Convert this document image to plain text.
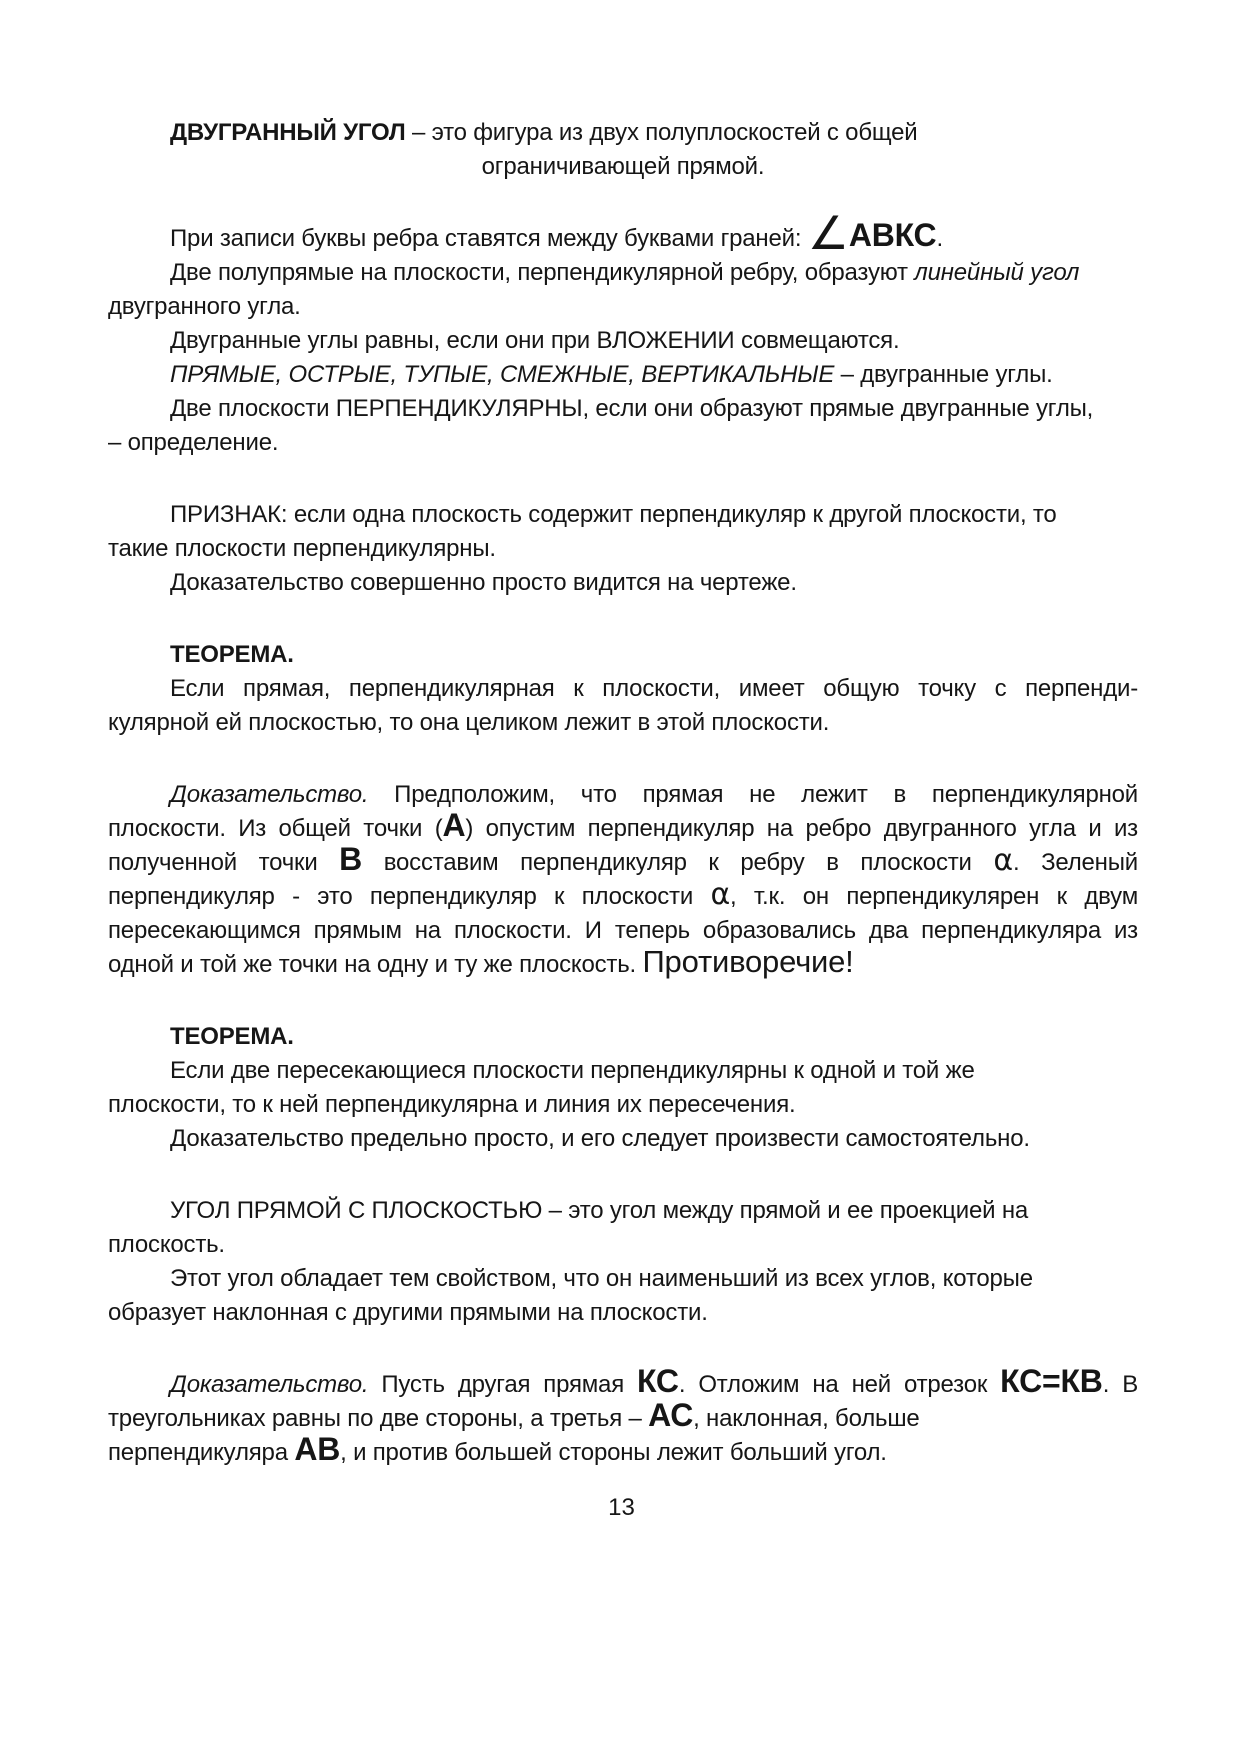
ДВУГРАННЫЙ УГОЛ – это фигура из двух полуплоскостей с общей
ограничивающей прямой.
При записи буквы ребра ставятся между буквами граней: ∠АВКС.
Две полупрямые на плоскости, перпендикулярной ребру, образуют линейный угол
двугранного угла.
Двугранные углы равны, если они при ВЛОЖЕНИИ совмещаются.
ПРЯМЫЕ, ОСТРЫЕ, ТУПЫЕ, СМЕЖНЫЕ, ВЕРТИКАЛЬНЫЕ – двугранные углы.
Две плоскости ПЕРПЕНДИКУЛЯРНЫ, если они образуют прямые двугранные углы,
– определение.
ПРИЗНАК: если одна плоскость содержит перпендикуляр к другой плоскости, то
такие плоскости перпендикулярны.
Доказательство совершенно просто видится на чертеже.
ТЕОРЕМА.
Если прямая, перпендикулярная к плоскости, имеет общую точку с перпенди-
кулярной ей плоскостью, то она целиком лежит в этой плоскости.
Доказательство. Предположим, что прямая не лежит в перпендикулярной
плоскости. Из общей точки (А) опустим перпендикуляр на ребро двугранного угла и из
полученной точки В восставим перпендикуляр к ребру в плоскости α. Зеленый
перпендикуляр - это перпендикуляр к плоскости α, т.к. он перпендикулярен к двум
пересекающимся прямым на плоскости. И теперь образовались два перпендикуляра из
одной и той же точки на одну и ту же плоскость. Противоречие!
ТЕОРЕМА.
Если две пересекающиеся плоскости перпендикулярны к одной и той же
плоскости, то к ней перпендикулярна и линия их пересечения.
Доказательство предельно просто, и его следует произвести самостоятельно.
УГОЛ ПРЯМОЙ С ПЛОСКОСТЬЮ – это угол между прямой и ее проекцией на
плоскость.
Этот угол обладает тем свойством, что он наименьший из всех углов, которые
образует наклонная с другими прямыми на плоскости.
Доказательство. Пусть другая прямая КС. Отложим на ней отрезок КС=КВ. В
треугольниках равны по две стороны, а третья – АС, наклонная, больше
перпендикуляра АВ, и против большей стороны лежит больший угол.
13
